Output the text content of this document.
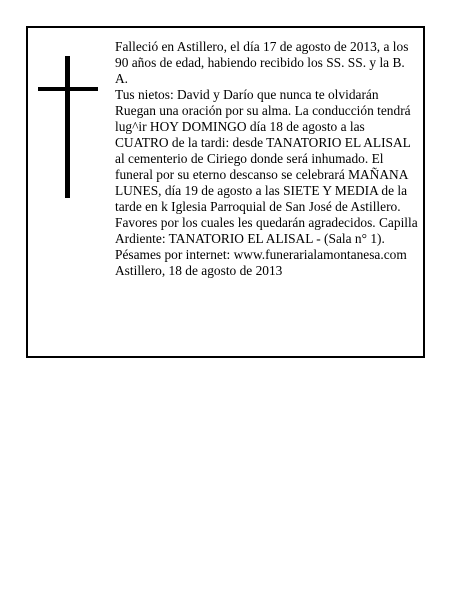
Falleció en Astillero, el día 17 de agosto de 2013, a los 90 años de edad, habiendo recibido los SS. SS. y la B. A.

Tus nietos: David y Darío que nunca te olvidarán

Ruegan una oración por su alma. La conducción tendrá lug^ir HOY DOMINGO día 18 de agosto a las CUATRO de la tardi: desde TANATORIO EL ALISAL al cementerio de Ciriego donde será inhumado. El funeral por su eterno descanso se celebrará MAÑANA LUNES, día 19 de agosto a las SIETE Y MEDIA de la tarde en k Iglesia Parroquial de San José de Astillero. Favores por los cuales les quedarán agradecidos. Capilla Ardiente: TANATORIO EL ALISAL - (Sala n° 1).

Pésames por internet: www.funerarialamontanesa.com

Astillero, 18 de agosto de 2013
